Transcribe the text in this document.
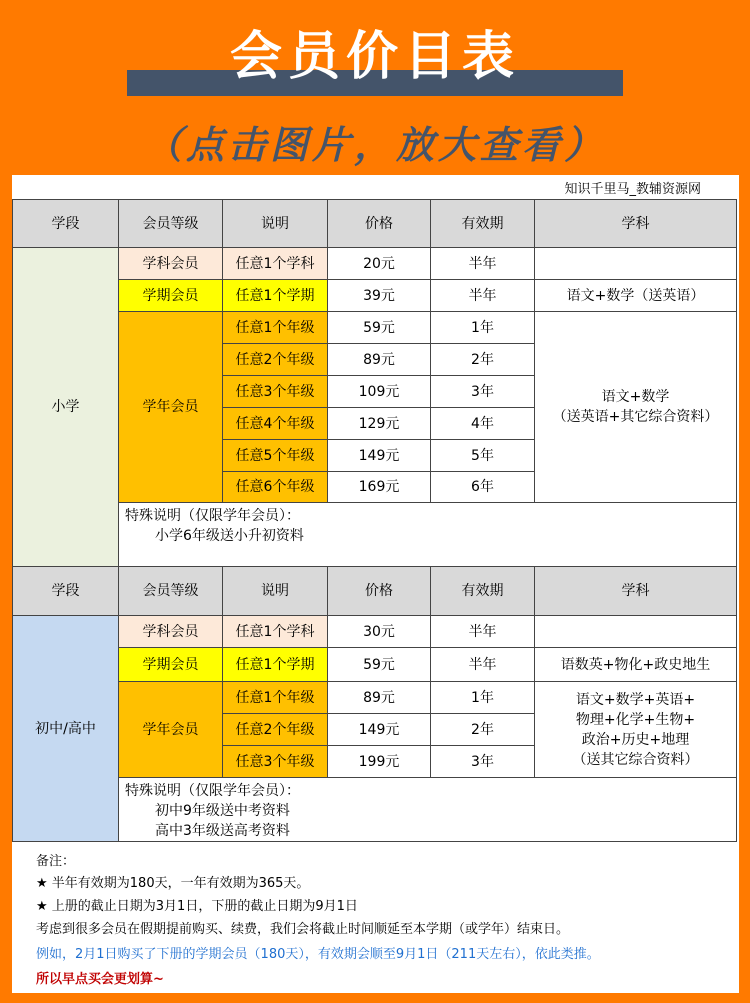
会员价目表
（点击图片，放大查看）
知识千里马_教辅资源网
学段	会员等级	说明	价格	有效期	学科
小学
学科会员	任意1个学科	20元	半年
学期会员	任意1个学期	39元	半年	语文+数学（送英语）
学年会员
任意1个年级	59元	1年
任意2个年级	89元	2年
任意3个年级	109元	3年
任意4个年级	129元	4年
任意5个年级	149元	5年
任意6个年级	169元	6年
语文+数学
（送英语+其它综合资料）
特殊说明（仅限学年会员）：
小学6年级送小升初资料
学段	会员等级	说明	价格	有效期	学科
初中/高中
学科会员	任意1个学科	30元	半年
学期会员	任意1个学期	59元	半年	语数英+物化+政史地生
学年会员
任意1个年级	89元	1年
任意2个年级	149元	2年
任意3个年级	199元	3年
语文+数学+英语+
物理+化学+生物+
政治+历史+地理
（送其它综合资料）
特殊说明（仅限学年会员）：
初中9年级送中考资料
高中3年级送高考资料
备注：
★ 半年有效期为180天，一年有效期为365天。
★ 上册的截止日期为3月1日，下册的截止日期为9月1日
考虑到很多会员在假期提前购买、续费，我们会将截止时间顺延至本学期（或学年）结束日。
例如，2月1日购买了下册的学期会员（180天），有效期会顺至9月1日（211天左右），依此类推。
所以早点买会更划算~
